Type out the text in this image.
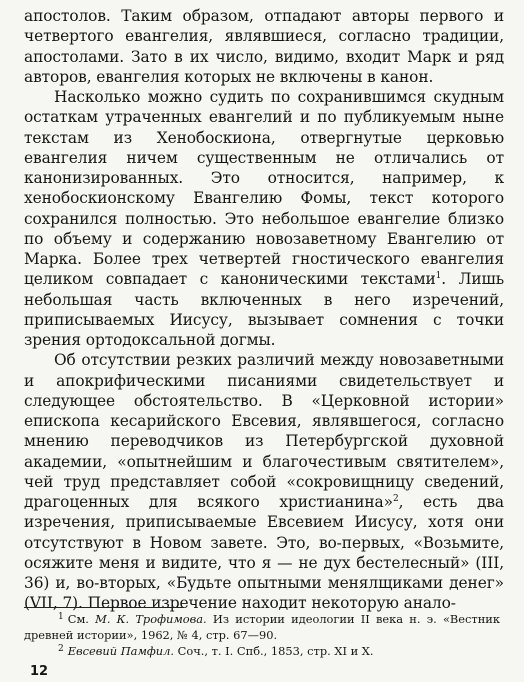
апостолов. Таким образом, отпадают авторы первого и четвертого евангелия, являвшиеся, согласно традиции, апостолами. Зато в их число, видимо, входит Марк и ряд авторов, евангелия которых не включены в канон.

Насколько можно судить по сохранившимся скудным остаткам утраченных евангелий и по публикуемым ныне текстам из Хенобоскиона, отвергнутые церковью евангелия ничем существенным не отличались от канонизированных. Это относится, например, к хенобоскионскому Евангелию Фомы, текст которого сохранился полностью. Это небольшое евангелие близко по объему и содержанию новозаветному Евангелию от Марка. Более трех четвертей гностического евангелия целиком совпадает с каноническими текстами$^1$. Лишь небольшая часть включенных в него изречений, приписываемых Иисусу, вызывает сомнения с точки зрения ортодоксальной догмы.

Об отсутствии резких различий между новозаветными и апокрифическими писаниями свидетельствует и следующее обстоятельство. В «Церковной истории» епископа кесарийского Евсевия, являвшегося, согласно мнению переводчиков из Петербургской духовной академии, «опытнейшим и благочестивым святителем», чей труд представляет собой «сокровищницу сведений, драгоценных для всякого христианина»$^2$, есть два изречения, приписываемые Евсевием Иисусу, хотя они отсутствуют в Новом завете. Это, во-первых, «Возьмите, осяжите меня и видите, что я — не дух бестелесный» (III, 36) и, во-вторых, «Будьте опытными менялщиками денег» (VII, 7). Первое изречение находит некоторую анало-

$^1$ См. М. К. Трофимова. Из истории идеологии II века н. э. «Вестник древней истории», 1962, № 4, стр. 67—90.

$^2$ Евсевий Памфил. Соч., т. I. Спб., 1853, стр. XI и X.

12
